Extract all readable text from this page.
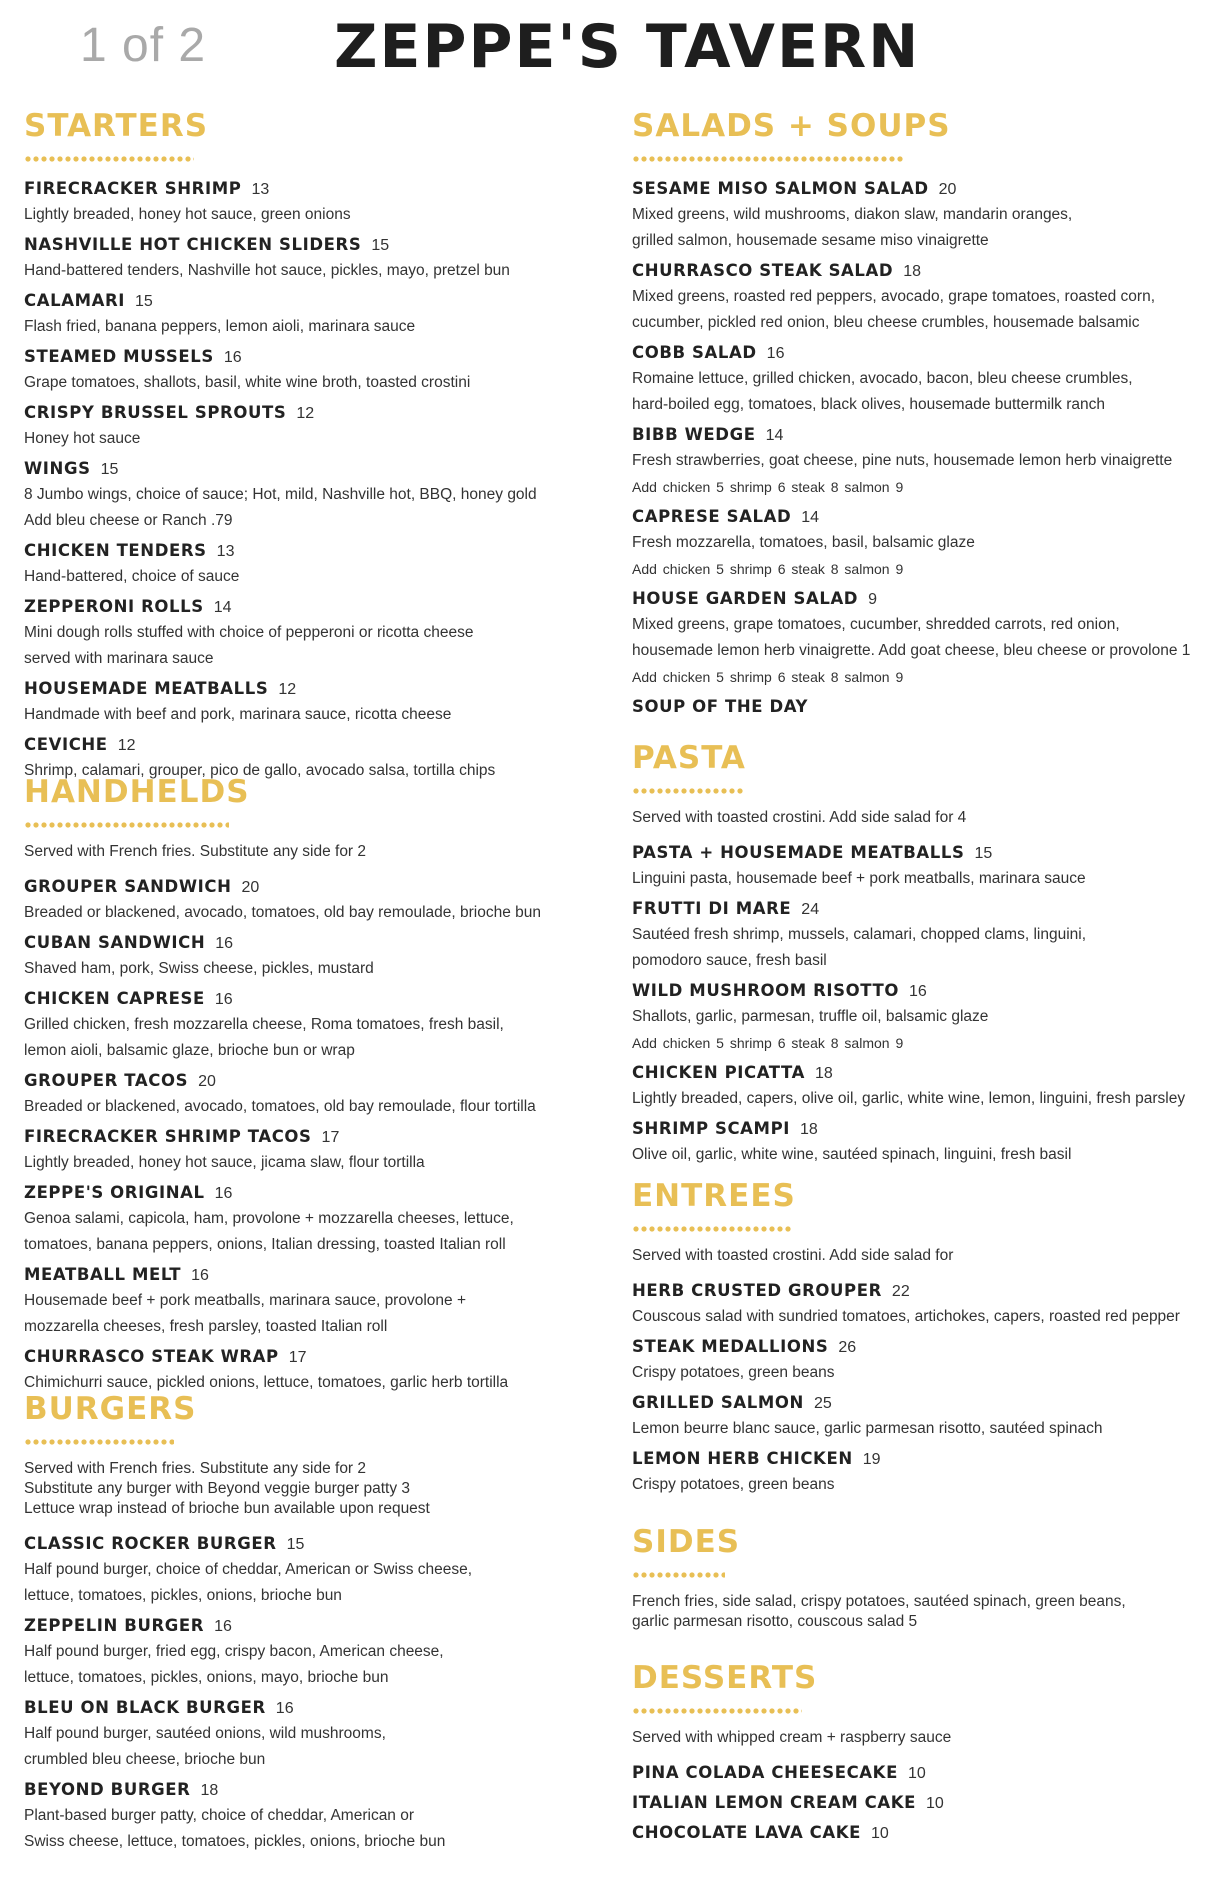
1 of 2 ZEPPE'S TAVERN
STARTERS
FIRECRACKER SHRIMP 13
Lightly breaded, honey hot sauce, green onions
NASHVILLE HOT CHICKEN SLIDERS 15
Hand-battered tenders, Nashville hot sauce, pickles, mayo, pretzel bun
CALAMARI 15
Flash fried, banana peppers, lemon aioli, marinara sauce
STEAMED MUSSELS 16
Grape tomatoes, shallots, basil, white wine broth, toasted crostini
CRISPY BRUSSEL SPROUTS 12
Honey hot sauce
WINGS 15
8 Jumbo wings, choice of sauce; Hot, mild, Nashville hot, BBQ, honey gold
Add bleu cheese or Ranch .79
CHICKEN TENDERS 13
Hand-battered, choice of sauce
ZEPPERONI ROLLS 14
Mini dough rolls stuffed with choice of pepperoni or ricotta cheese
served with marinara sauce
HOUSEMADE MEATBALLS 12
Handmade with beef and pork, marinara sauce, ricotta cheese
CEVICHE 12
Shrimp, calamari, grouper, pico de gallo, avocado salsa, tortilla chips
HANDHELDS
Served with French fries. Substitute any side for 2
GROUPER SANDWICH 20
Breaded or blackened, avocado, tomatoes, old bay remoulade, brioche bun
CUBAN SANDWICH 16
Shaved ham, pork, Swiss cheese, pickles, mustard
CHICKEN CAPRESE 16
Grilled chicken, fresh mozzarella cheese, Roma tomatoes, fresh basil,
lemon aioli, balsamic glaze, brioche bun or wrap
GROUPER TACOS 20
Breaded or blackened, avocado, tomatoes, old bay remoulade, flour tortilla
FIRECRACKER SHRIMP TACOS 17
Lightly breaded, honey hot sauce, jicama slaw, flour tortilla
ZEPPE'S ORIGINAL 16
Genoa salami, capicola, ham, provolone + mozzarella cheeses, lettuce,
tomatoes, banana peppers, onions, Italian dressing, toasted Italian roll
MEATBALL MELT 16
Housemade beef + pork meatballs, marinara sauce, provolone +
mozzarella cheeses, fresh parsley, toasted Italian roll
CHURRASCO STEAK WRAP 17
Chimichurri sauce, pickled onions, lettuce, tomatoes, garlic herb tortilla
BURGERS
Served with French fries. Substitute any side for 2
Substitute any burger with Beyond veggie burger patty 3
Lettuce wrap instead of brioche bun available upon request
CLASSIC ROCKER BURGER 15
Half pound burger, choice of cheddar, American or Swiss cheese,
lettuce, tomatoes, pickles, onions, brioche bun
ZEPPELIN BURGER 16
Half pound burger, fried egg, crispy bacon, American cheese,
lettuce, tomatoes, pickles, onions, mayo, brioche bun
BLEU ON BLACK BURGER 16
Half pound burger, sautéed onions, wild mushrooms,
crumbled bleu cheese, brioche bun
BEYOND BURGER 18
Plant-based burger patty, choice of cheddar, American or
Swiss cheese, lettuce, tomatoes, pickles, onions, brioche bun
SALADS + SOUPS
SESAME MISO SALMON SALAD 20
Mixed greens, wild mushrooms, diakon slaw, mandarin oranges,
grilled salmon, housemade sesame miso vinaigrette
CHURRASCO STEAK SALAD 18
Mixed greens, roasted red peppers, avocado, grape tomatoes, roasted corn,
cucumber, pickled red onion, bleu cheese crumbles, housemade balsamic
COBB SALAD 16
Romaine lettuce, grilled chicken, avocado, bacon, bleu cheese crumbles,
hard-boiled egg, tomatoes, black olives, housemade buttermilk ranch
BIBB WEDGE 14
Fresh strawberries, goat cheese, pine nuts, housemade lemon herb vinaigrette
Add chicken 5 shrimp 6 steak 8 salmon 9
CAPRESE SALAD 14
Fresh mozzarella, tomatoes, basil, balsamic glaze
Add chicken 5 shrimp 6 steak 8 salmon 9
HOUSE GARDEN SALAD 9
Mixed greens, grape tomatoes, cucumber, shredded carrots, red onion,
housemade lemon herb vinaigrette. Add goat cheese, bleu cheese or provolone 1
Add chicken 5 shrimp 6 steak 8 salmon 9
SOUP OF THE DAY
PASTA
Served with toasted crostini. Add side salad for 4
PASTA + HOUSEMADE MEATBALLS 15
Linguini pasta, housemade beef + pork meatballs, marinara sauce
FRUTTI DI MARE 24
Sautéed fresh shrimp, mussels, calamari, chopped clams, linguini,
pomodoro sauce, fresh basil
WILD MUSHROOM RISOTTO 16
Shallots, garlic, parmesan, truffle oil, balsamic glaze
Add chicken 5 shrimp 6 steak 8 salmon 9
CHICKEN PICATTA 18
Lightly breaded, capers, olive oil, garlic, white wine, lemon, linguini, fresh parsley
SHRIMP SCAMPI 18
Olive oil, garlic, white wine, sautéed spinach, linguini, fresh basil
ENTREES
Served with toasted crostini. Add side salad for
HERB CRUSTED GROUPER 22
Couscous salad with sundried tomatoes, artichokes, capers, roasted red pepper
STEAK MEDALLIONS 26
Crispy potatoes, green beans
GRILLED SALMON 25
Lemon beurre blanc sauce, garlic parmesan risotto, sautéed spinach
LEMON HERB CHICKEN 19
Crispy potatoes, green beans
SIDES
French fries, side salad, crispy potatoes, sautéed spinach, green beans,
garlic parmesan risotto, couscous salad 5
DESSERTS
Served with whipped cream + raspberry sauce
PINA COLADA CHEESECAKE 10
ITALIAN LEMON CREAM CAKE 10
CHOCOLATE LAVA CAKE 10
